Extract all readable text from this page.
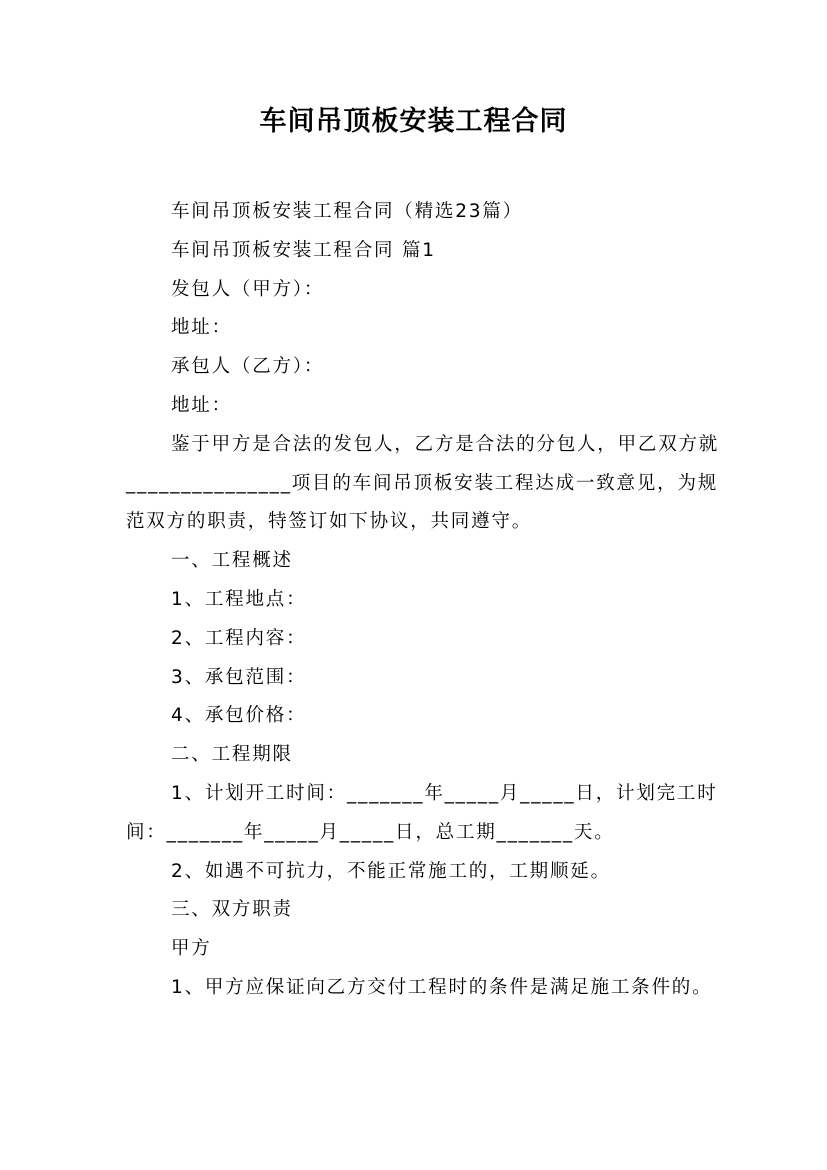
车间吊顶板安装工程合同

车间吊顶板安装工程合同（精选23篇）

车间吊顶板安装工程合同 篇1

发包人（甲方）：

地址：

承包人（乙方）：

地址：

鉴于甲方是合法的发包人，乙方是合法的分包人，甲乙双方就_______________项目的车间吊顶板安装工程达成一致意见，为规范双方的职责，特签订如下协议，共同遵守。

一、工程概述

1、工程地点：

2、工程内容：

3、承包范围：

4、承包价格：

二、工程期限

1、计划开工时间：_______年_____月_____日，计划完工时间：_______年_____月_____日，总工期_______天。

2、如遇不可抗力，不能正常施工的，工期顺延。

三、双方职责

甲方

1、甲方应保证向乙方交付工程时的条件是满足施工条件的。
